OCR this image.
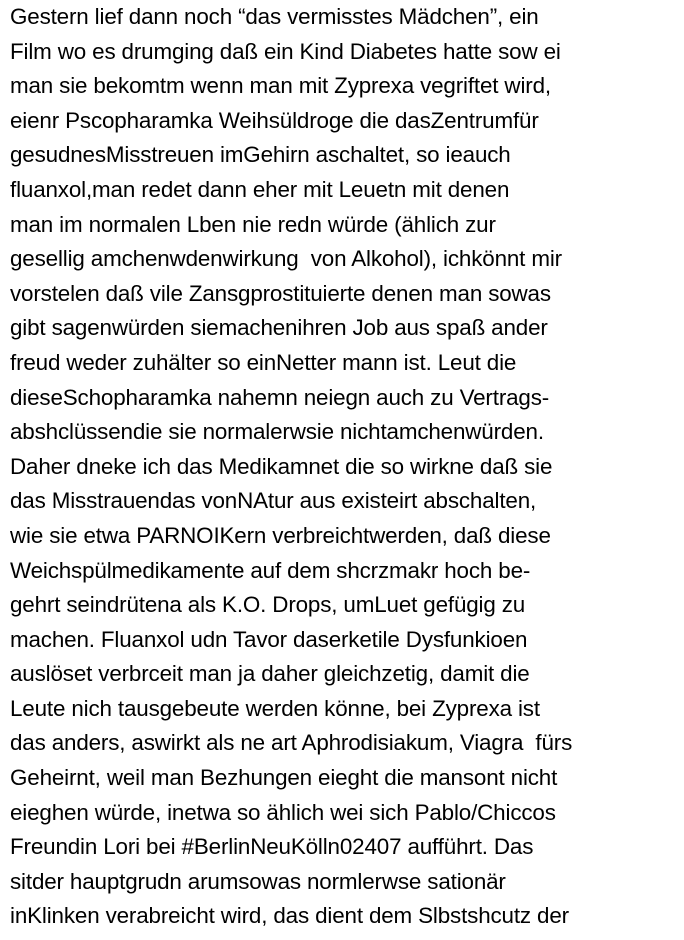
Gestern lief dann noch “das vermisstes Mädchen”, ein
Film wo es drumging daß ein Kind Diabetes hatte sow ei
man sie bekomtm wenn man mit Zyprexa vegriftet wird,
eienr Pscopharamka Weihsüldroge die dasZentrumfür
gesudnesMisstreuen imGehirn aschaltet, so ieauch
fluanxol,man redet dann eher mit Leuetn mit denen
man im normalen Lben nie redn würde (ählich zur
gesellig amchenwdenwirkung  von Alkohol), ichkönnt mir
vorstelen daß vile Zansgprostituierte denen man sowas
gibt sagenwürden siemachenihren Job aus spaß ander
freud weder zuhälter so einNetter mann ist. Leut die
dieseSchopharamka nahemn neiegn auch zu Vertrags-
abshclüssendie sie normalerwsie nichtamchenwürden.
Daher dneke ich das Medikamnet die so wirkne daß sie
das Misstrauendas vonNAtur aus existeirt abschalten,
wie sie etwa PARNOIKern verbreichtwerden, daß diese
Weichspülmedikamente auf dem shcrzmakr hoch be-
gehrt seindrütena als K.O. Drops, umLuet gefügig zu
machen. Fluanxol udn Tavor daserketile Dysfunkioen
auslöset verbrceit man ja daher gleichzetig, damit die
Leute nich tausgebeute werden könne, bei Zyprexa ist
das anders, aswirkt als ne art Aphrodisiakum, Viagra  fürs
Geheirnt, weil man Bezhungen eieght die mansont nicht
eieghen würde, inetwa so ählich wei sich Pablo/Chiccos
Freundin Lori bei #BerlinNeuKölln02407 aufführt. Das
sitder hauptgrudn arumsowas normlerwse sationär
inKlinken verabreicht wird, das dient dem Slbstshcutz der
